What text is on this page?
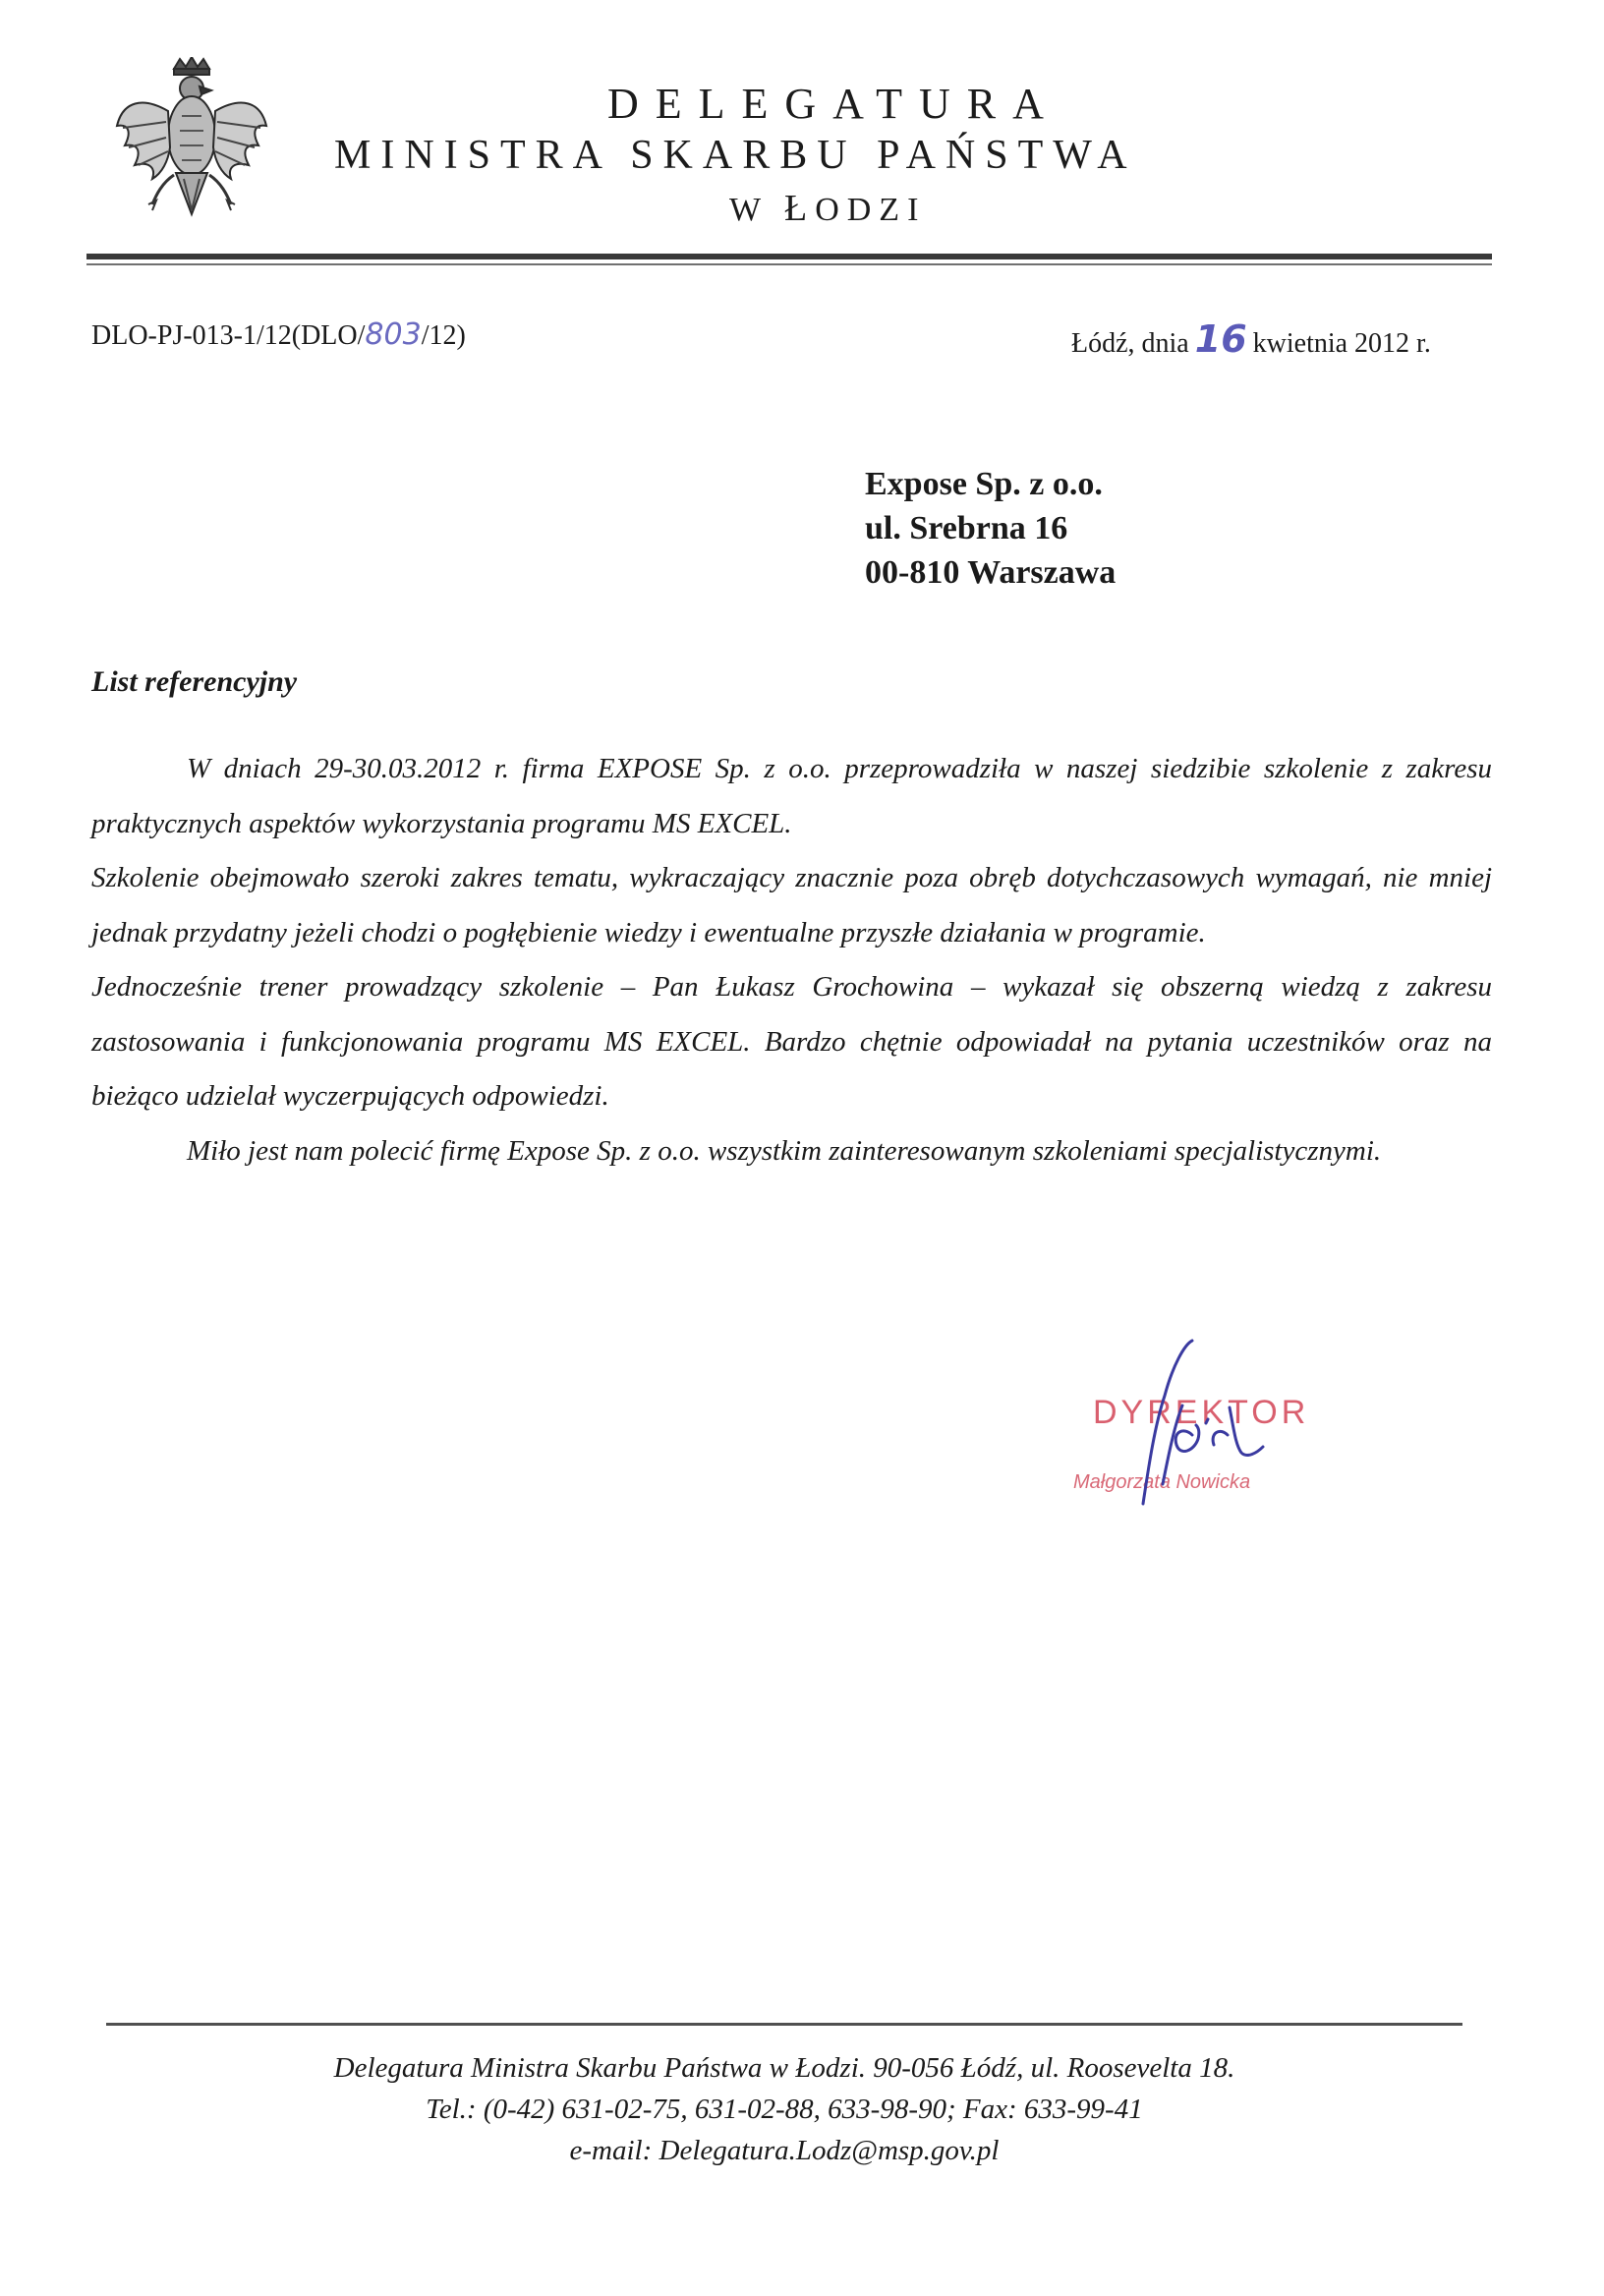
DELEGATURA
MINISTRA SKARBU PAŃSTWA
W ŁODZI
DLO-PJ-013-1/12(DLO/803/12)	Łódź, dnia 16 kwietnia 2012 r.
Expose Sp. z o.o.
ul. Srebrna 16
00-810 Warszawa
List referencyjny

W dniach 29-30.03.2012 r. firma EXPOSE Sp. z o.o. przeprowadziła w naszej siedzibie szkolenie z zakresu praktycznych aspektów wykorzystania programu MS EXCEL.

Szkolenie obejmowało szeroki zakres tematu, wykraczający znacznie poza obręb dotychczasowych wymagań, nie mniej jednak przydatny jeżeli chodzi o pogłębienie wiedzy i ewentualne przyszłe działania w programie.

Jednocześnie trener prowadzący szkolenie – Pan Łukasz Grochowina – wykazał się obszerną wiedzą z zakresu zastosowania i funkcjonowania programu MS EXCEL. Bardzo chętnie odpowiadał na pytania uczestników oraz na bieżąco udzielał wyczerpujących odpowiedzi.

Miło jest nam polecić firmę Expose Sp. z o.o. wszystkim zainteresowanym szkoleniami specjalistycznymi.

DYREKTOR
Małgorzata Nowicka
Delegatura Ministra Skarbu Państwa w Łodzi. 90-056 Łódź, ul. Roosevelta 18.
Tel.: (0-42) 631-02-75, 631-02-88, 633-98-90; Fax: 633-99-41
e-mail: Delegatura.Lodz@msp.gov.pl
